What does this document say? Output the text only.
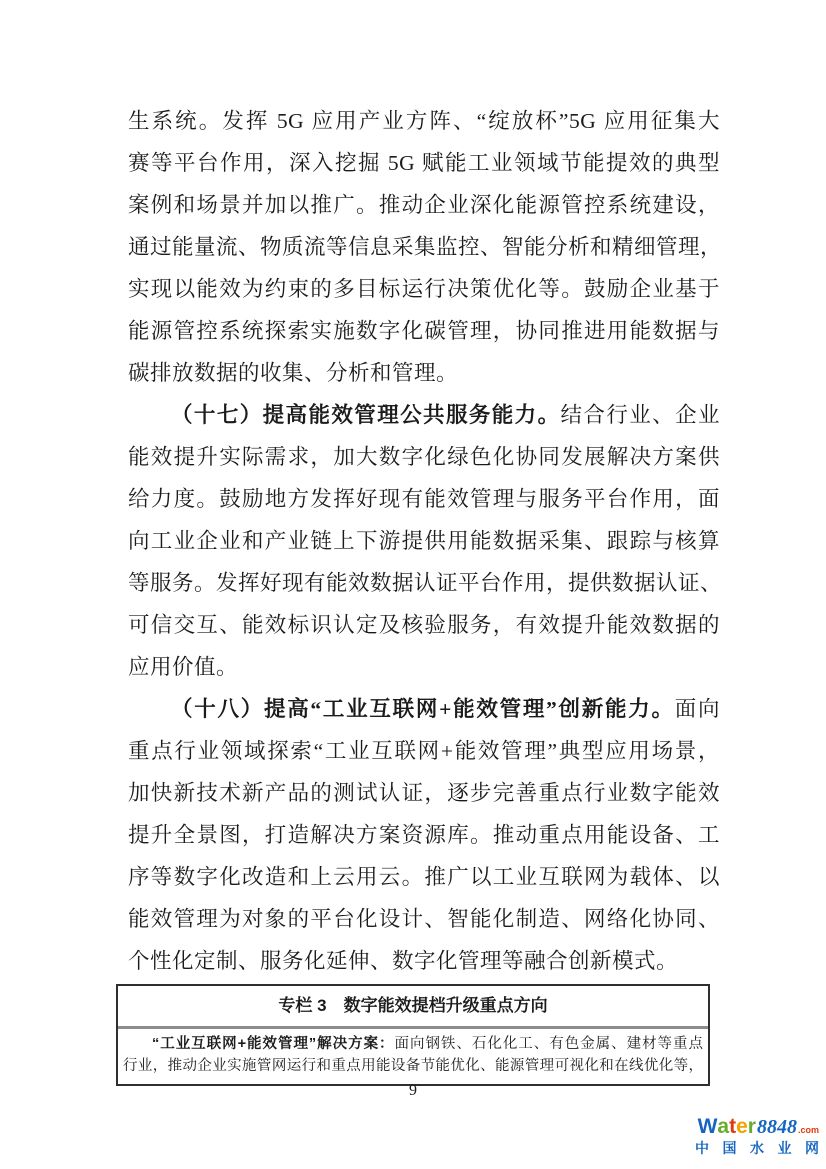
生系统。发挥 5G 应用产业方阵、“绽放杯”5G 应用征集大
赛等平台作用，深入挖掘 5G 赋能工业领域节能提效的典型
案例和场景并加以推广。推动企业深化能源管控系统建设，
通过能量流、物质流等信息采集监控、智能分析和精细管理，
实现以能效为约束的多目标运行决策优化等。鼓励企业基于
能源管控系统探索实施数字化碳管理，协同推进用能数据与
碳排放数据的收集、分析和管理。
（十七）提高能效管理公共服务能力。结合行业、企业
能效提升实际需求，加大数字化绿色化协同发展解决方案供
给力度。鼓励地方发挥好现有能效管理与服务平台作用，面
向工业企业和产业链上下游提供用能数据采集、跟踪与核算
等服务。发挥好现有能效数据认证平台作用，提供数据认证、
可信交互、能效标识认定及核验服务，有效提升能效数据的
应用价值。
（十八）提高“工业互联网+能效管理”创新能力。面向
重点行业领域探索“工业互联网+能效管理”典型应用场景，
加快新技术新产品的测试认证，逐步完善重点行业数字能效
提升全景图，打造解决方案资源库。推动重点用能设备、工
序等数字化改造和上云用云。推广以工业互联网为载体、以
能效管理为对象的平台化设计、智能化制造、网络化协同、
个性化定制、服务化延伸、数字化管理等融合创新模式。
专栏 3　数字能效提档升级重点方向
“工业互联网+能效管理”解决方案：面向钢铁、石化化工、有色金属、建材等重点
行业，推动企业实施管网运行和重点用能设备节能优化、能源管理可视化和在线优化等，
9
Water 8848 .com
中 国 水 业 网
